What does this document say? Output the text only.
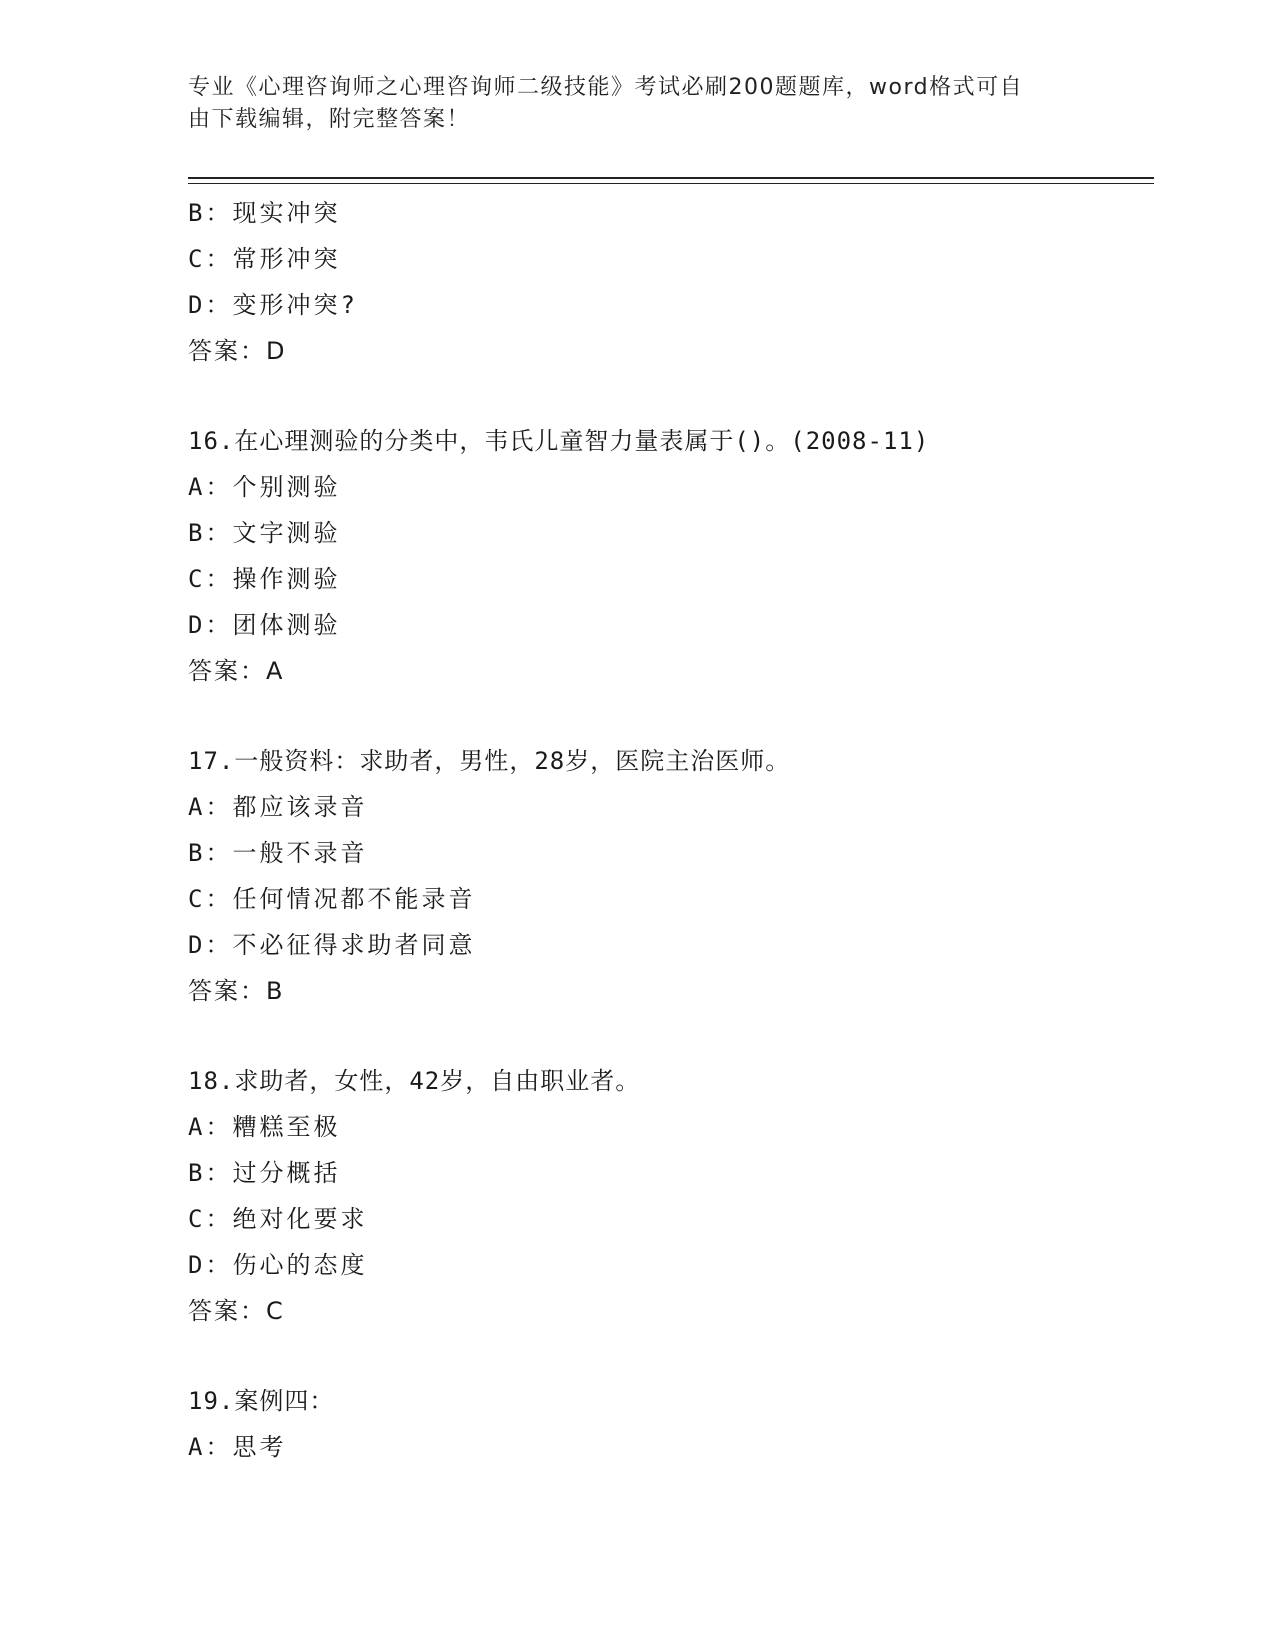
专业《心理咨询师之心理咨询师二级技能》考试必刷200题题库，word格式可自
由下载编辑，附完整答案！
B：现实冲突
C：常形冲突
D：变形冲突?
答案：D
16.在心理测验的分类中，韦氏儿童智力量表属于()。(2008-11)
A：个别测验
B：文字测验
C：操作测验
D：团体测验
答案：A
17.一般资料：求助者，男性，28岁，医院主治医师。
A：都应该录音
B：一般不录音
C：任何情况都不能录音
D：不必征得求助者同意
答案：B
18.求助者，女性，42岁，自由职业者。
A：糟糕至极
B：过分概括
C：绝对化要求
D：伤心的态度
答案：C
19.案例四：
A：思考
